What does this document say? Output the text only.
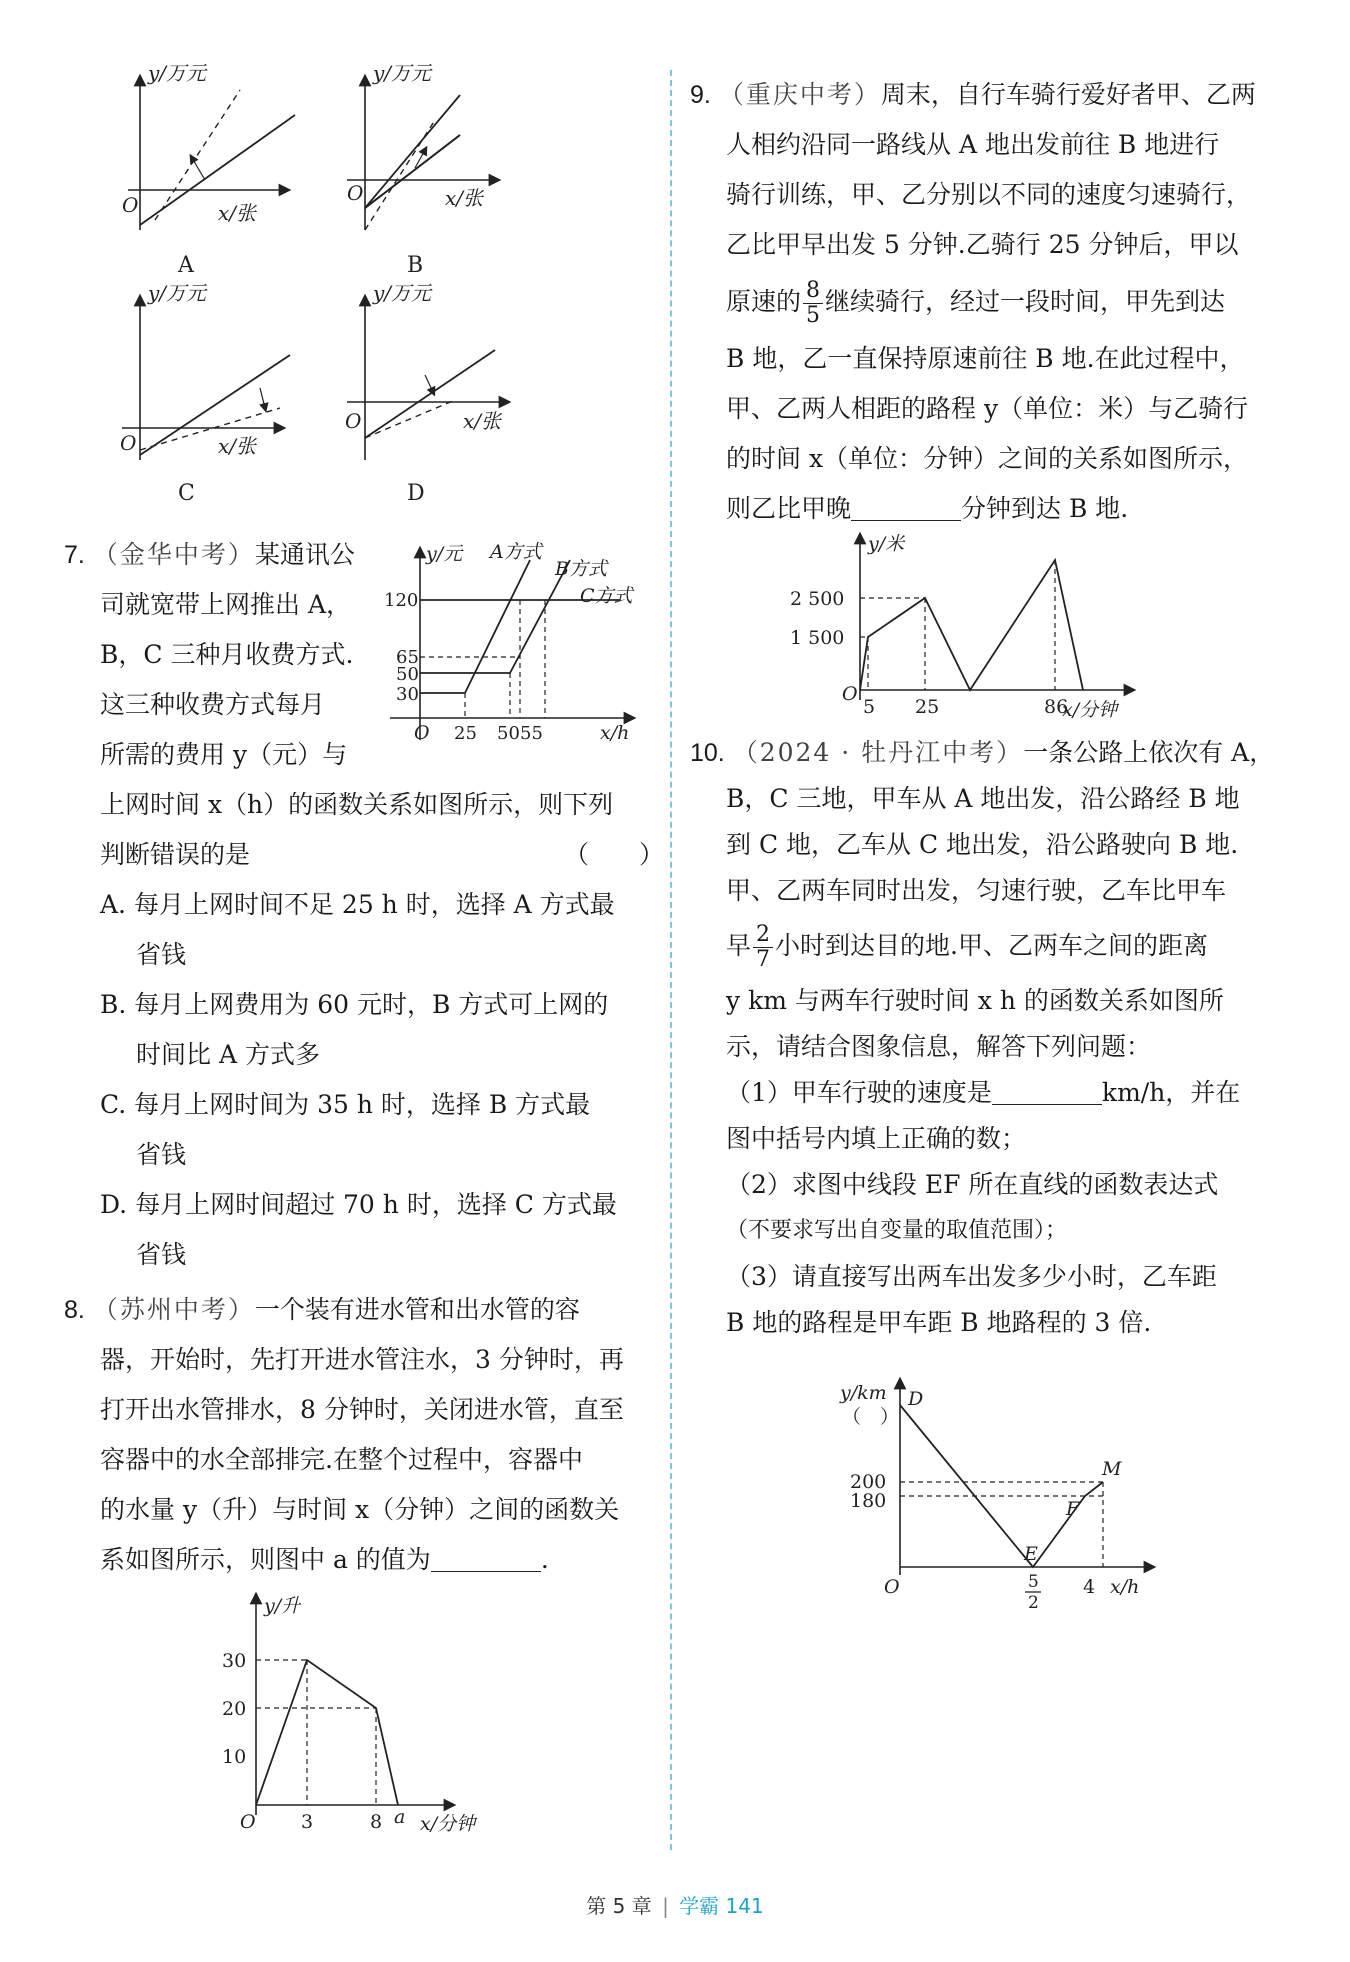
y/万元
O	x/张
A
y/万元
O	x/张
B
y/万元
O	x/张
C
y/万元
O	x/张
D

7. （金华中考）某通讯公

司就宽带上网推出 A，

B，C 三种月收费方式.

这三种收费方式每月

所需的费用 y（元）与

上网时间 x（h）的函数关系如图所示，则下列

判断错误的是	（　　）

A. 每月上网时间不足 25 h 时，选择 A 方式最

省钱

B. 每月上网费用为 60 元时，B 方式可上网的

时间比 A 方式多

C. 每月上网时间为 35 h 时，选择 B 方式最

省钱

D. 每月上网时间超过 70 h 时，选择 C 方式最

省钱

y/元 A方式
B方式
C方式
120
65
50
30
O 25 50 55	x/h

8. （苏州中考）一个装有进水管和出水管的容

器，开始时，先打开进水管注水，3 分钟时，再

打开出水管排水，8 分钟时，关闭进水管，直至

容器中的水全部排完.在整个过程中，容器中

的水量 y（升）与时间 x（分钟）之间的函数关

系如图所示，则图中 a 的值为	.

y/升
30
20
10
O 3	8 a x/分钟

9. （重庆中考）周末，自行车骑行爱好者甲、乙两

人相约沿同一路线从 A 地出发前往 B 地进行

骑行训练，甲、乙分别以不同的速度匀速骑行，

乙比甲早出发 5 分钟.乙骑行 25 分钟后，甲以

原速的 $\frac{8}{5}$ 继续骑行，经过一段时间，甲先到达

B 地，乙一直保持原速前往 B 地.在此过程中，

甲、乙两人相距的路程 y（单位：米）与乙骑行

的时间 x（单位：分钟）之间的关系如图所示，

则乙比甲晚	分钟到达 B 地.

y/米
2 500
1 500
O
5 25	86
x/分钟

10. （2024 · 牡丹江中考）一条公路上依次有 A，

B，C 三地，甲车从 A 地出发，沿公路经 B 地

到 C 地，乙车从 C 地出发，沿公路驶向 B 地.

甲、乙两车同时出发，匀速行驶，乙车比甲车

早 $\frac{2}{7}$ 小时到达目的地.甲、乙两车之间的距离

y km 与两车行驶时间 x h 的函数关系如图所

示，请结合图象信息，解答下列问题：

（1）甲车行驶的速度是	km/h，并在

图中括号内填上正确的数；

（2）求图中线段 EF 所在直线的函数表达式

（不要求写出自变量的取值范围）；

（3）请直接写出两车出发多少小时，乙车距

B 地的路程是甲车距 B 地路程的 3 倍.

y/km
（　）
D
200
180
M
F
E
O	5
2
4 x/h
第 5 章 | 学霸 141
